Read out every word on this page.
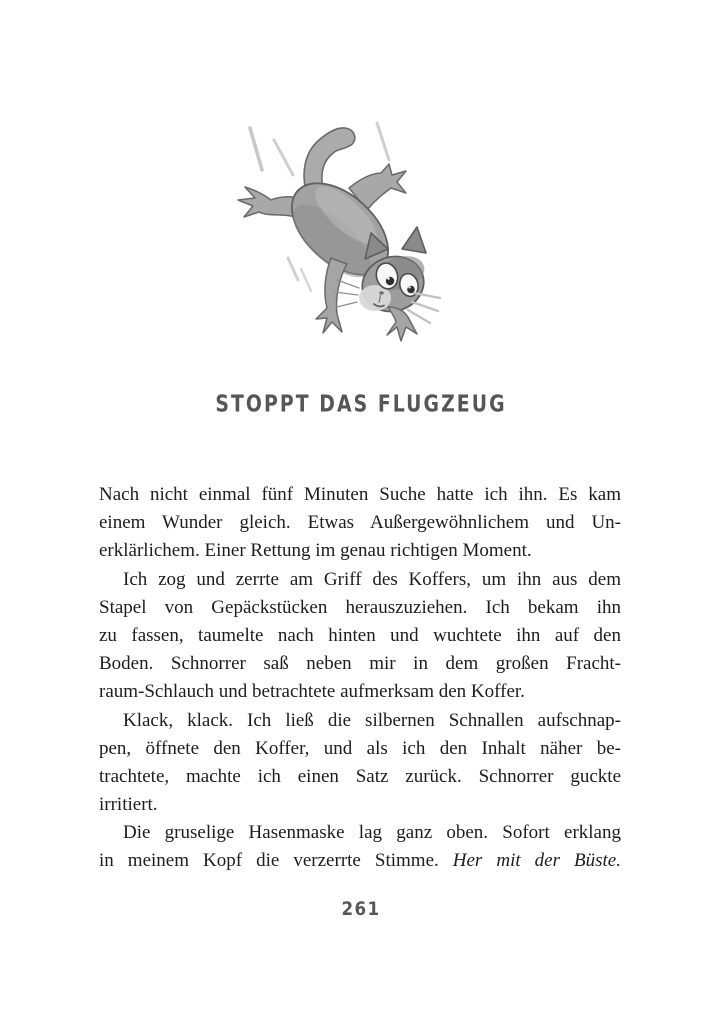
STOPPT DAS FLUGZEUG
Nach nicht einmal fünf Minuten Suche hatte ich ihn. Es kam
einem Wunder gleich. Etwas Außergewöhnlichem und Un-
erklärlichem. Einer Rettung im genau richtigen Moment.
Ich zog und zerrte am Griff des Koffers, um ihn aus dem
Stapel von Gepäckstücken herauszuziehen. Ich bekam ihn
zu fassen, taumelte nach hinten und wuchtete ihn auf den
Boden. Schnorrer saß neben mir in dem großen Fracht-
raum-Schlauch und betrachtete aufmerksam den Koffer.
Klack, klack. Ich ließ die silbernen Schnallen aufschnap-
pen, öffnete den Koffer, und als ich den Inhalt näher be-
trachtete, machte ich einen Satz zurück. Schnorrer guckte
irritiert.
Die gruselige Hasenmaske lag ganz oben. Sofort erklang
in meinem Kopf die verzerrte Stimme. Her mit der Büste.
261
